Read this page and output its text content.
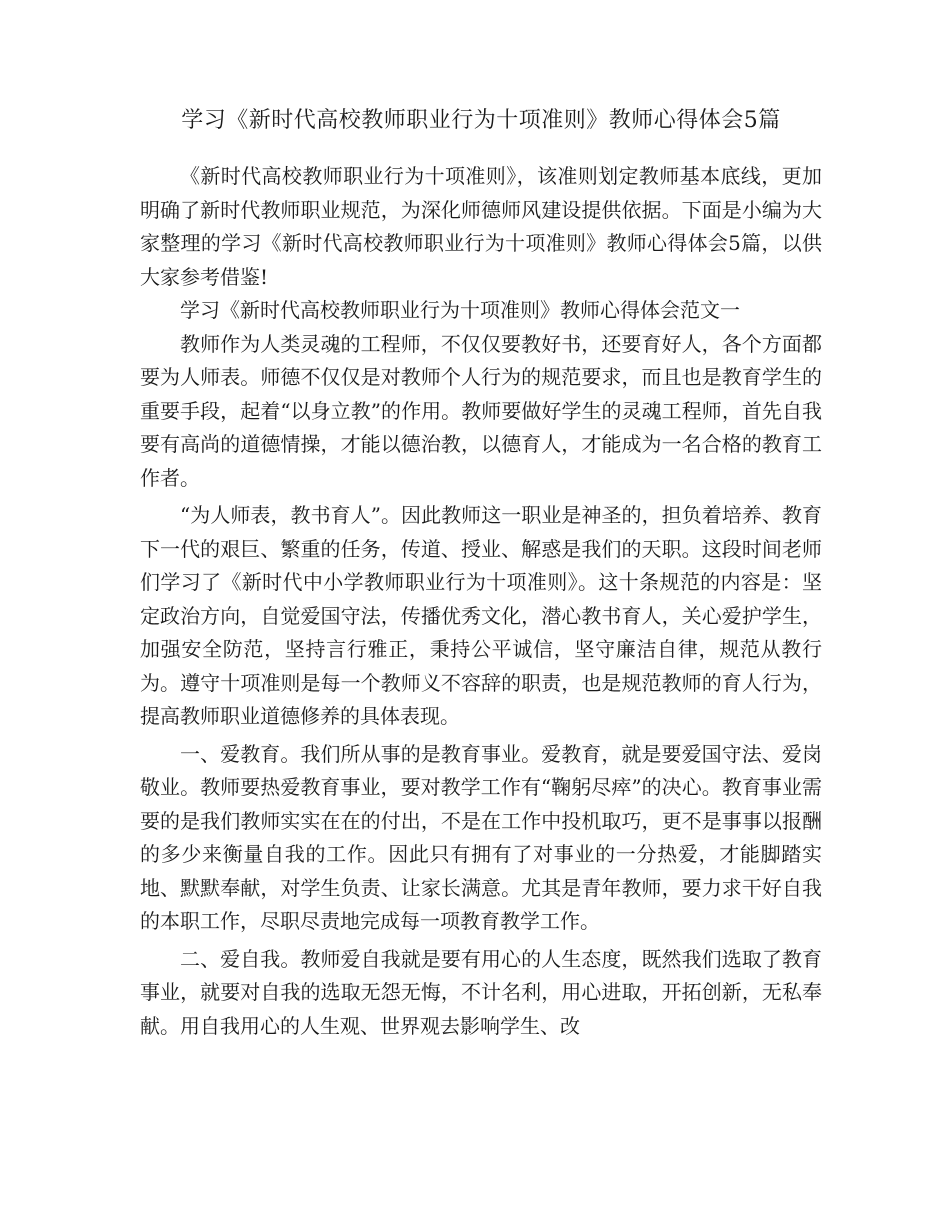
学习《新时代高校教师职业行为十项准则》教师心得体会5篇

《新时代高校教师职业行为十项准则》，该准则划定教师基本底线，更加明确了新时代教师职业规范，为深化师德师风建设提供依据。下面是小编为大家整理的学习《新时代高校教师职业行为十项准则》教师心得体会5篇，以供大家参考借鉴!

学习《新时代高校教师职业行为十项准则》教师心得体会范文一

教师作为人类灵魂的工程师，不仅仅要教好书，还要育好人，各个方面都要为人师表。师德不仅仅是对教师个人行为的规范要求，而且也是教育学生的重要手段，起着“以身立教”的作用。教师要做好学生的灵魂工程师，首先自我要有高尚的道德情操，才能以德治教，以德育人，才能成为一名合格的教育工作者。

“为人师表，教书育人”。因此教师这一职业是神圣的，担负着培养、教育下一代的艰巨、繁重的任务，传道、授业、解惑是我们的天职。这段时间老师们学习了《新时代中小学教师职业行为十项准则》。这十条规范的内容是：坚定政治方向，自觉爱国守法，传播优秀文化，潜心教书育人，关心爱护学生，加强安全防范，坚持言行雅正，秉持公平诚信，坚守廉洁自律，规范从教行为。遵守十项准则是每一个教师义不容辞的职责，也是规范教师的育人行为，提高教师职业道德修养的具体表现。

一、爱教育。我们所从事的是教育事业。爱教育，就是要爱国守法、爱岗敬业。教师要热爱教育事业，要对教学工作有“鞠躬尽瘁”的决心。教育事业需要的是我们教师实实在在的付出，不是在工作中投机取巧，更不是事事以报酬的多少来衡量自我的工作。因此只有拥有了对事业的一分热爱，才能脚踏实地、默默奉献，对学生负责、让家长满意。尤其是青年教师，要力求干好自我的本职工作，尽职尽责地完成每一项教育教学工作。

二、爱自我。教师爱自我就是要有用心的人生态度，既然我们选取了教育事业，就要对自我的选取无怨无悔，不计名利，用心进取，开拓创新，无私奉献。用自我用心的人生观、世界观去影响学生、改
